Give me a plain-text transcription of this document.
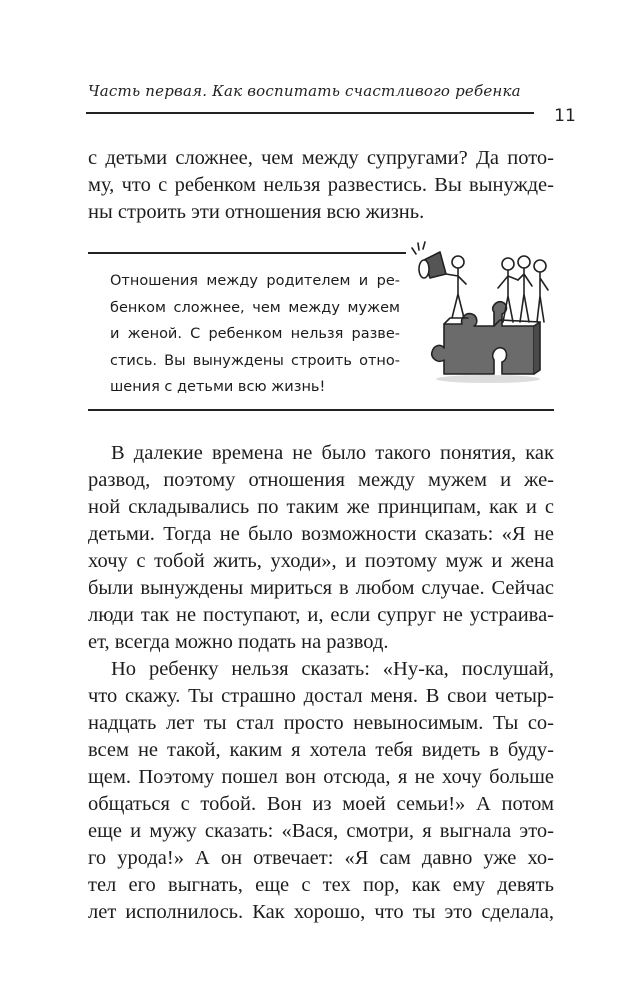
Часть первая. Как воспитать счастливого ребенка
11
с детьми сложнее, чем между супругами? Да пото-
му, что с ребенком нельзя развестись. Вы вынужде-
ны строить эти отношения всю жизнь.
Отношения между родителем и ре-
бенком сложнее, чем между мужем
и женой. С ребенком нельзя разве-
стись. Вы вынуждены строить отно-
шения с детьми всю жизнь!
В далекие времена не было такого понятия, как
развод, поэтому отношения между мужем и же-
ной складывались по таким же принципам, как и с
детьми. Тогда не было возможности сказать: «Я не
хочу с тобой жить, уходи», и поэтому муж и жена
были вынуждены мириться в любом случае. Сейчас
люди так не поступают, и, если супруг не устраива-
ет, всегда можно подать на развод.
Но ребенку нельзя сказать: «Ну-ка, послушай,
что скажу. Ты страшно достал меня. В свои четыр-
надцать лет ты стал просто невыносимым. Ты со-
всем не такой, каким я хотела тебя видеть в буду-
щем. Поэтому пошел вон отсюда, я не хочу больше
общаться с тобой. Вон из моей семьи!» А потом
еще и мужу сказать: «Вася, смотри, я выгнала это-
го урода!» А он отвечает: «Я сам давно уже хо-
тел его выгнать, еще с тех пор, как ему девять
лет исполнилось. Как хорошо, что ты это сделала,
